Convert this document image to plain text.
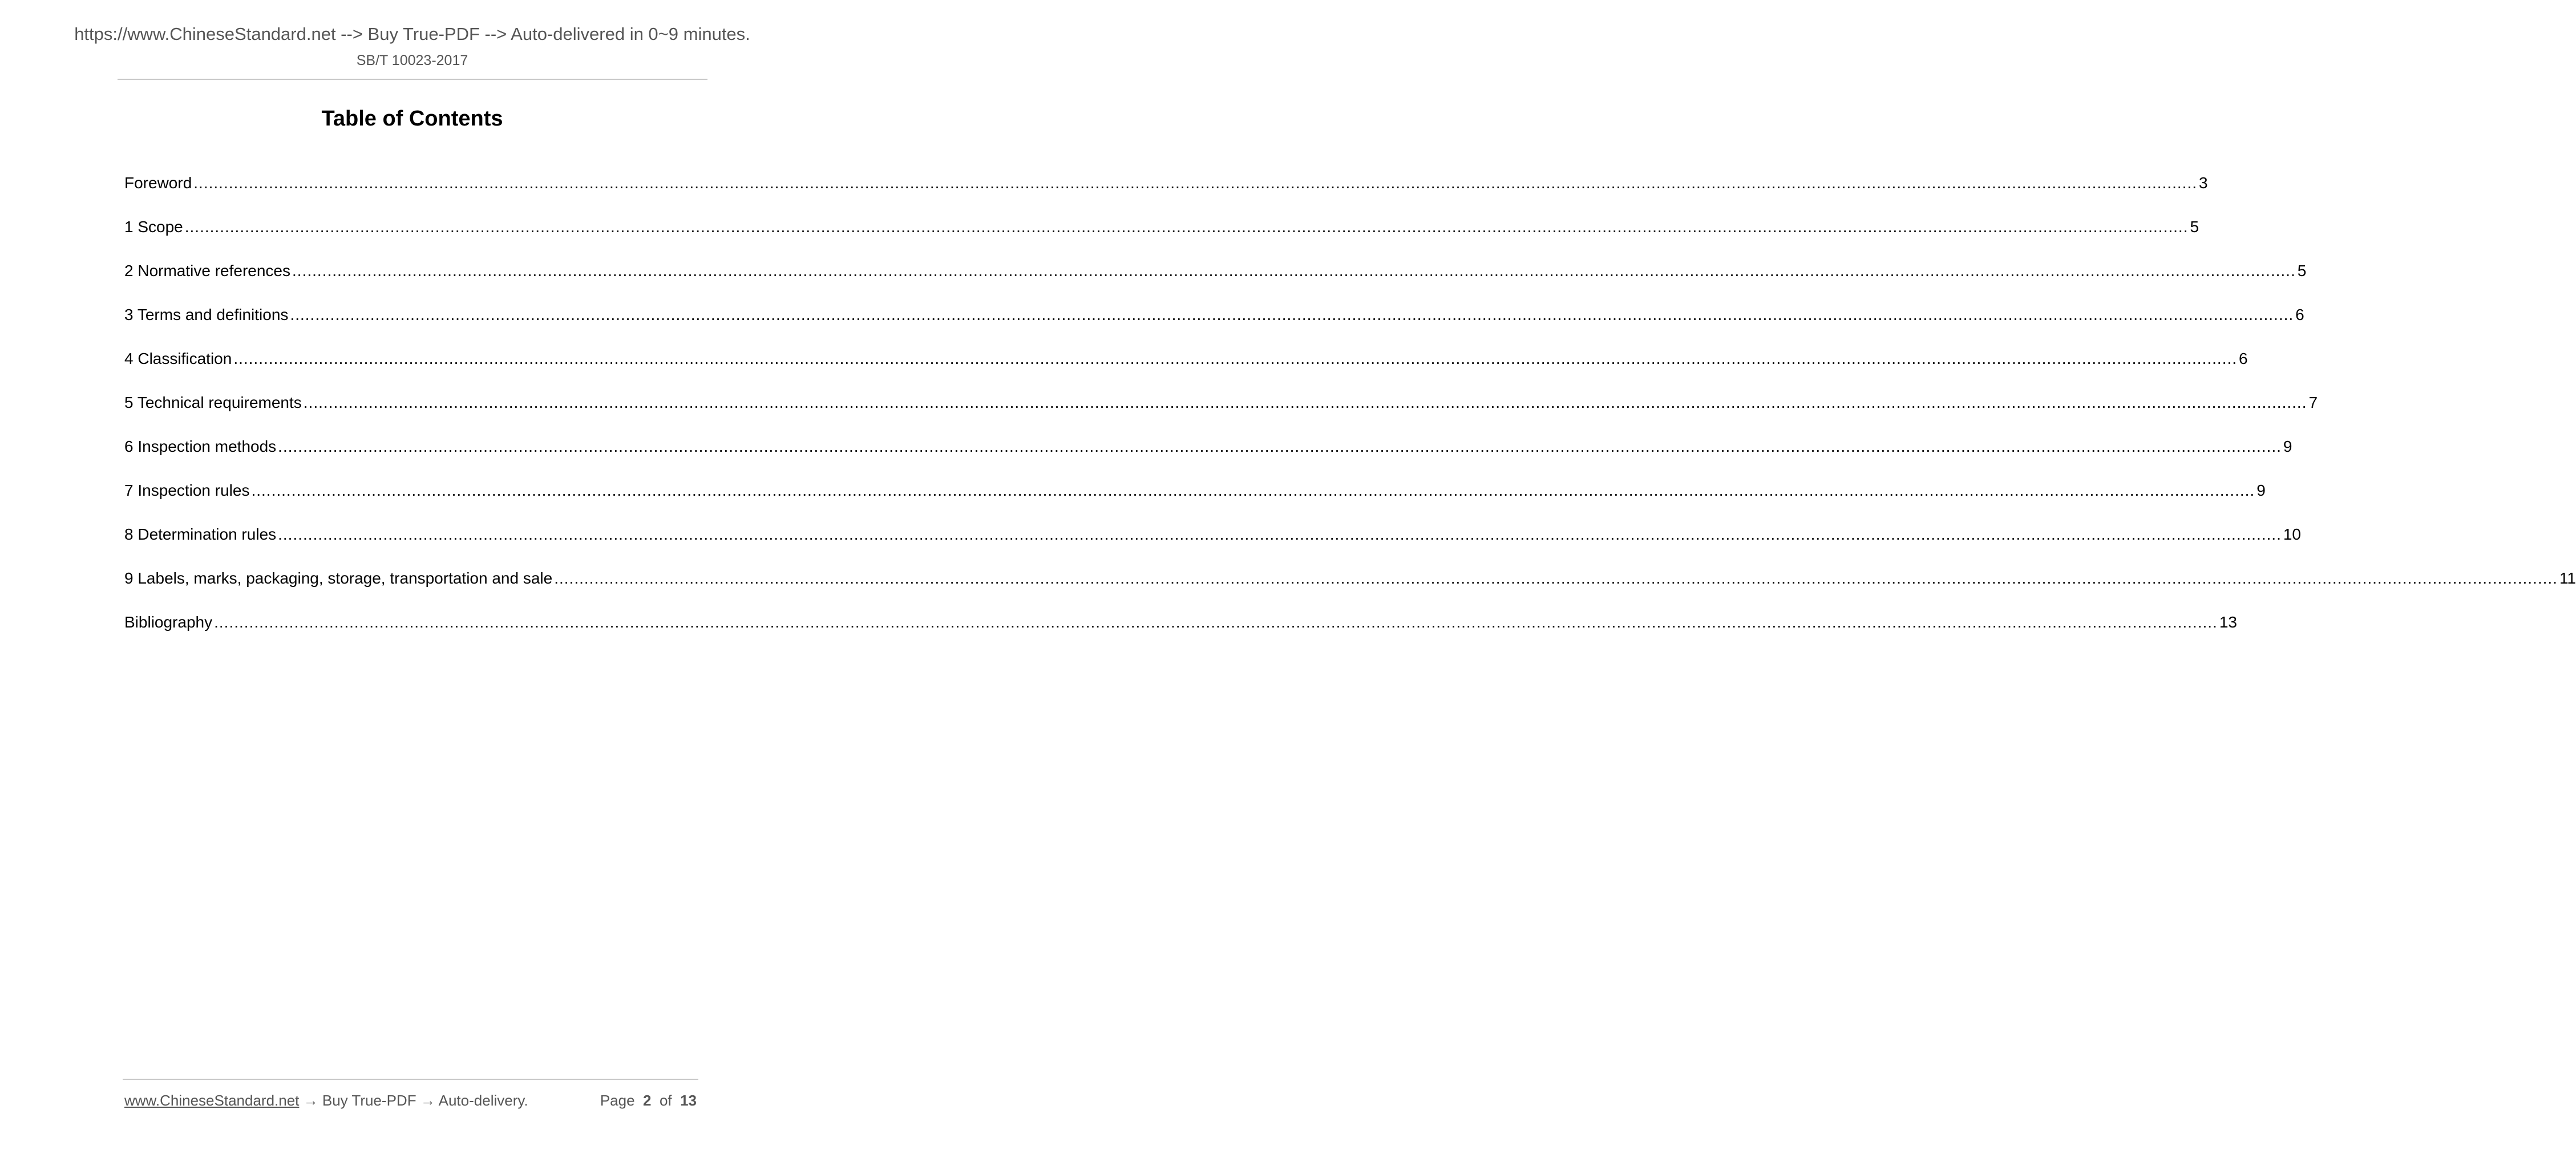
https://www.ChineseStandard.net --> Buy True-PDF --> Auto-delivered in 0~9 minutes.
SB/T 10023-2017
Table of Contents
Foreword ................................................................................................................................................................................................................................................................................................................................................................................................................ 3
1 Scope ................................................................................................................................................................................................................................................................................................................................................................................................................ 5
2 Normative references ................................................................................................................................................................................................................................................................................................................................................................................................................ 5
3 Terms and definitions ................................................................................................................................................................................................................................................................................................................................................................................................................ 6
4 Classification ................................................................................................................................................................................................................................................................................................................................................................................................................ 6
5 Technical requirements ................................................................................................................................................................................................................................................................................................................................................................................................................ 7
6 Inspection methods ................................................................................................................................................................................................................................................................................................................................................................................................................ 9
7 Inspection rules ................................................................................................................................................................................................................................................................................................................................................................................................................ 9
8 Determination rules ................................................................................................................................................................................................................................................................................................................................................................................................................ 10
9 Labels, marks, packaging, storage, transportation and sale ................................................................................................................................................................................................................................................................................................................................................................................................................ 11
Bibliography ................................................................................................................................................................................................................................................................................................................................................................................................................ 13
www.ChineseStandard.net → Buy True-PDF → Auto-delivery.	Page 2 of 13
